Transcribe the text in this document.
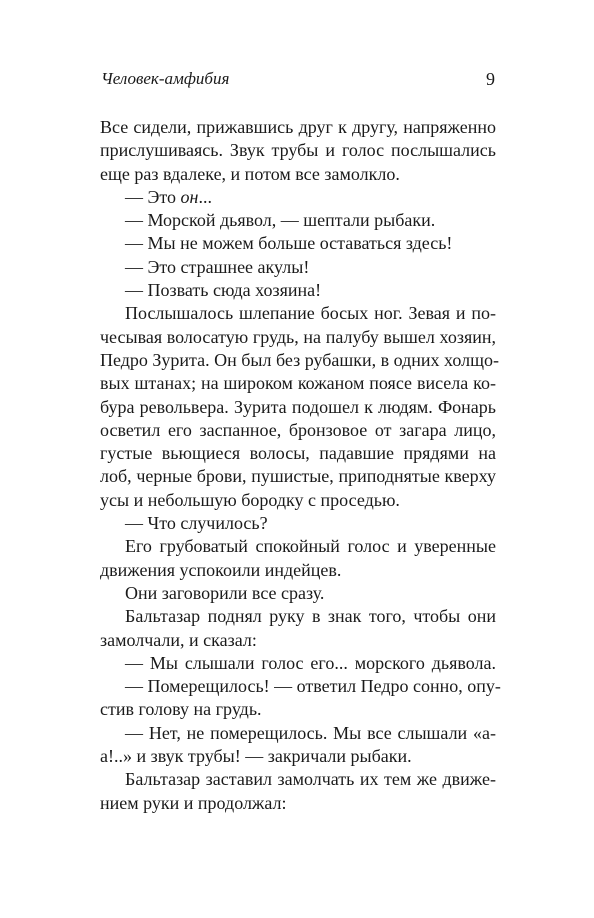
Человек-амфибия	9
Все сидели, прижавшись друг к другу, напряженно
прислушиваясь. Звук трубы и голос послышались
еще раз вдалеке, и потом все замолкло.
— Это он...
— Морской дьявол, — шептали рыбаки.
— Мы не можем больше оставаться здесь!
— Это страшнее акулы!
— Позвать сюда хозяина!
Послышалось шлепание босых ног. Зевая и по-
чесывая волосатую грудь, на палубу вышел хозяин,
Педро Зурита. Он был без рубашки, в одних холщо-
вых штанах; на широком кожаном поясе висела ко-
бура револьвера. Зурита подошел к людям. Фонарь
осветил его заспанное, бронзовое от загара лицо,
густые вьющиеся волосы, падавшие прядями на
лоб, черные брови, пушистые, приподнятые кверху
усы и небольшую бородку с проседью.
— Что случилось?
Его грубоватый спокойный голос и уверенные
движения успокоили индейцев.
Они заговорили все сразу.
Бальтазар поднял руку в знак того, чтобы они
замолчали, и сказал:
— Мы слышали голос его... морского дьявола.
— Померещилось! — ответил Педро сонно, опу-
стив голову на грудь.
— Нет, не померещилось. Мы все слышали «а-
а!..» и звук трубы! — закричали рыбаки.
Бальтазар заставил замолчать их тем же движе-
нием руки и продолжал:
